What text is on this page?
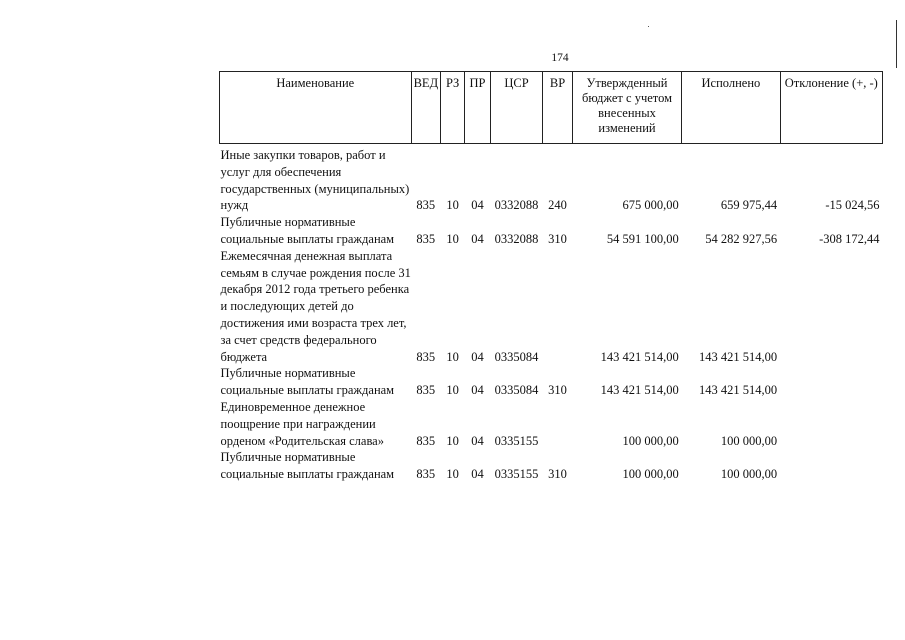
174
Наименование	ВЕД	РЗ	ПР	ЦСР	ВР	Утвержденный бюджет с учетом внесенных изменений	Исполнено	Отклонение (+, -)
Иные закупки товаров, работ и услуг для обеспечения государственных (муниципальных) нужд	835	10	04	0332088	240	675 000,00	659 975,44	-15 024,56
Публичные нормативные социальные выплаты гражданам	835	10	04	0332088	310	54 591 100,00	54 282 927,56	-308 172,44
Ежемесячная денежная выплата семьям в случае рождения после 31 декабря 2012 года третьего ребенка и последующих детей до достижения ими возраста трех лет, за счет средств федерального бюджета	835	10	04	0335084		143 421 514,00	143 421 514,00	
Публичные нормативные социальные выплаты гражданам	835	10	04	0335084	310	143 421 514,00	143 421 514,00	
Единовременное денежное поощрение при награждении орденом «Родительская слава»	835	10	04	0335155		100 000,00	100 000,00	
Публичные нормативные социальные выплаты гражданам	835	10	04	0335155	310	100 000,00	100 000,00	
